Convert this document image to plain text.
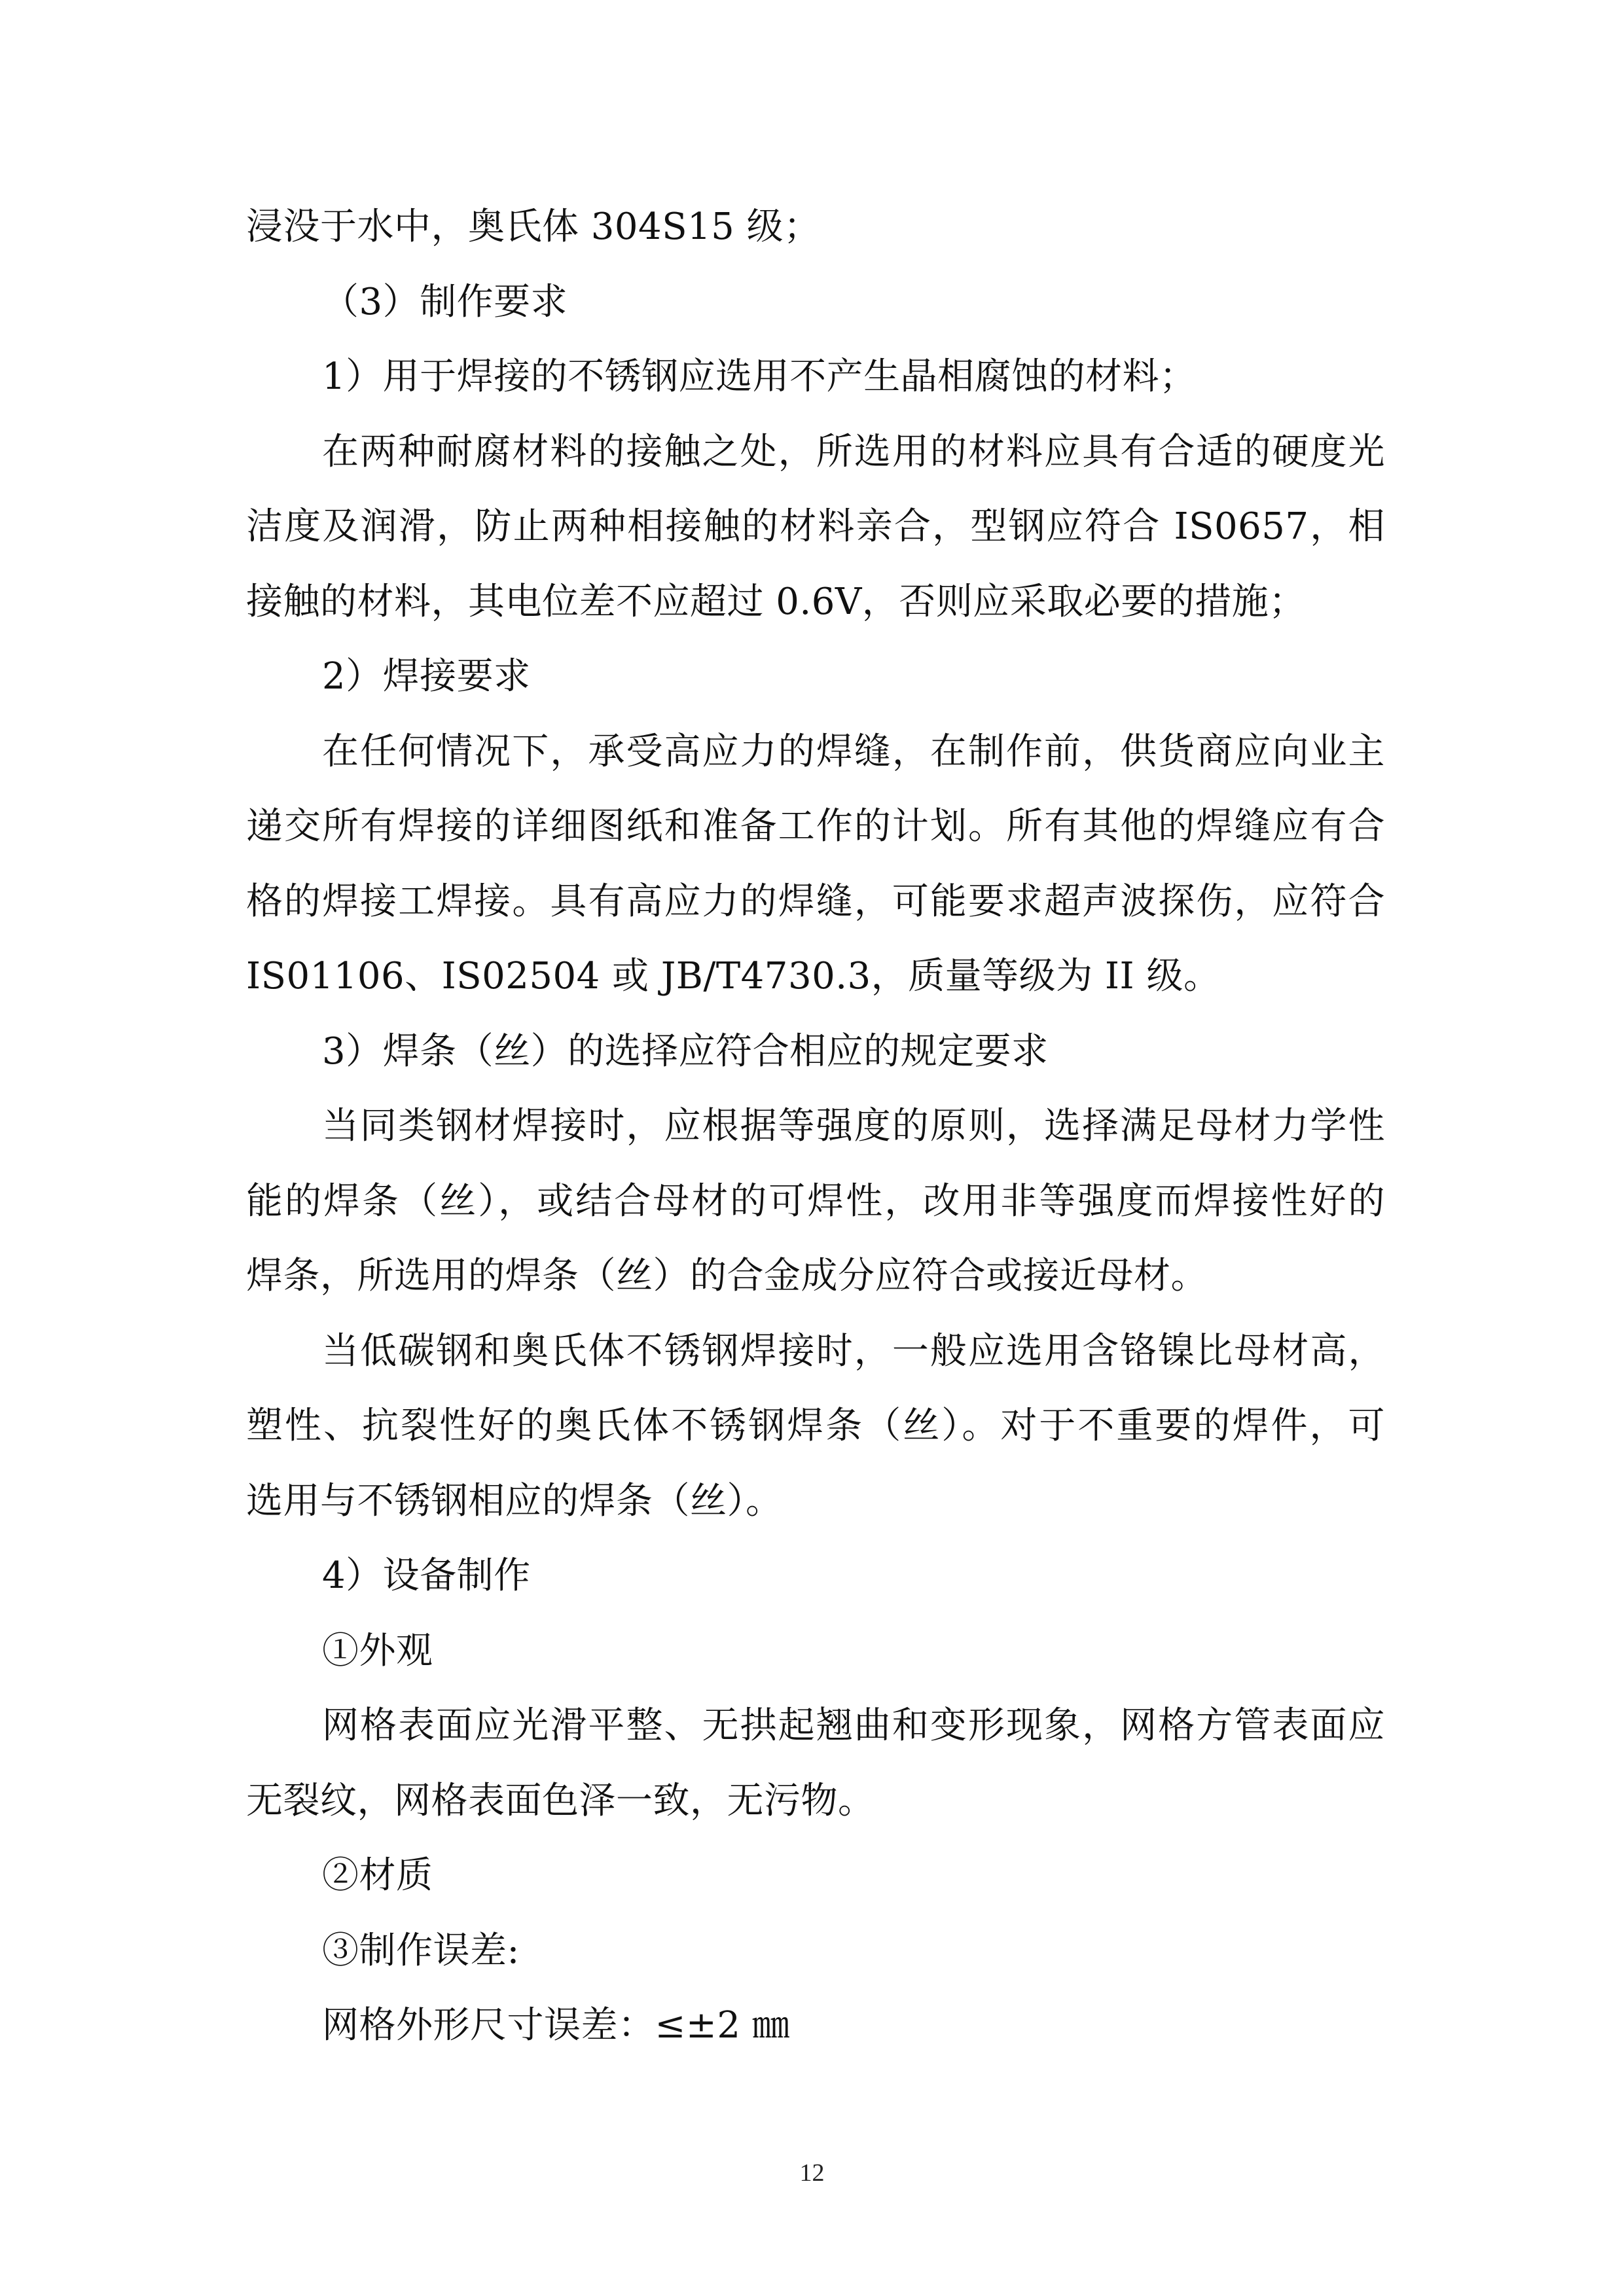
浸没于水中，奥氏体 304S15 级；
（3）制作要求
1）用于焊接的不锈钢应选用不产生晶相腐蚀的材料；
在两种耐腐材料的接触之处，所选用的材料应具有合适的硬度光
洁度及润滑，防止两种相接触的材料亲合，型钢应符合 IS0657，相
接触的材料，其电位差不应超过 0.6V，否则应采取必要的措施；
2）焊接要求
在任何情况下，承受高应力的焊缝，在制作前，供货商应向业主
递交所有焊接的详细图纸和准备工作的计划。所有其他的焊缝应有合
格的焊接工焊接。具有高应力的焊缝，可能要求超声波探伤，应符合
IS01106、IS02504 或 JB/T4730.3，质量等级为 II 级。
3）焊条（丝）的选择应符合相应的规定要求
当同类钢材焊接时，应根据等强度的原则，选择满足母材力学性
能的焊条（丝），或结合母材的可焊性，改用非等强度而焊接性好的
焊条，所选用的焊条（丝）的合金成分应符合或接近母材。
当低碳钢和奥氏体不锈钢焊接时，一般应选用含铬镍比母材高，
塑性、抗裂性好的奥氏体不锈钢焊条（丝）。对于不重要的焊件，可
选用与不锈钢相应的焊条（丝）。
4）设备制作
①外观
网格表面应光滑平整、无拱起翘曲和变形现象，网格方管表面应
无裂纹，网格表面色泽一致，无污物。
②材质
③制作误差:
网格外形尺寸误差：≤±2 ㎜
12
